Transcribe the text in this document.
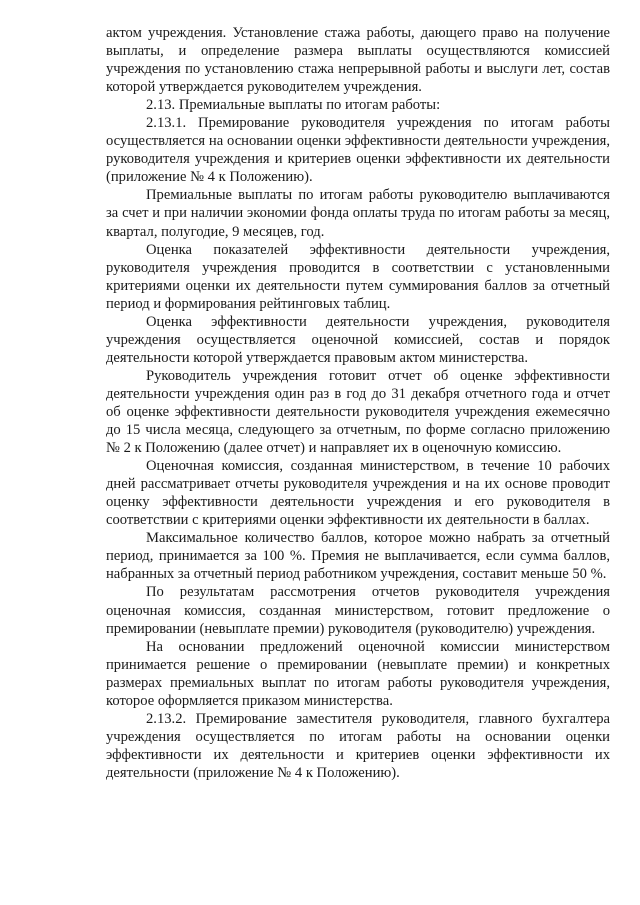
актом учреждения. Установление стажа работы, дающего право на получение выплаты, и определение размера выплаты осуществляются комиссией учреждения по установлению стажа непрерывной работы и выслуги лет, состав которой утверждается руководителем учреждения.

2.13. Премиальные выплаты по итогам работы:

2.13.1. Премирование руководителя учреждения по итогам работы осуществляется на основании оценки эффективности деятельности учреждения, руководителя учреждения и критериев оценки эффективности их деятельности (приложение № 4 к Положению).

Премиальные выплаты по итогам работы руководителю выплачиваются за счет и при наличии экономии фонда оплаты труда по итогам работы за месяц, квартал, полугодие, 9 месяцев, год.

Оценка показателей эффективности деятельности учреждения, руководителя учреждения проводится в соответствии с установленными критериями оценки их деятельности путем суммирования баллов за отчетный период и формирования рейтинговых таблиц.

Оценка эффективности деятельности учреждения, руководителя учреждения осуществляется оценочной комиссией, состав и порядок деятельности которой утверждается правовым актом министерства.

Руководитель учреждения готовит отчет об оценке эффективности деятельности учреждения один раз в год до 31 декабря отчетного года и отчет об оценке эффективности деятельности руководителя учреждения ежемесячно до 15 числа месяца, следующего за отчетным, по форме согласно приложению № 2 к Положению (далее отчет) и направляет их в оценочную комиссию.

Оценочная комиссия, созданная министерством, в течение 10 рабочих дней рассматривает отчеты руководителя учреждения и на их основе проводит оценку эффективности деятельности учреждения и его руководителя в соответствии с критериями оценки эффективности их деятельности в баллах.

Максимальное количество баллов, которое можно набрать за отчетный период, принимается за 100 %. Премия не выплачивается, если сумма баллов, набранных за отчетный период работником учреждения, составит меньше 50 %.

По результатам рассмотрения отчетов руководителя учреждения оценочная комиссия, созданная министерством, готовит предложение о премировании (невыплате премии) руководителя (руководителю) учреждения.

На основании предложений оценочной комиссии министерством принимается решение о премировании (невыплате премии) и конкретных размерах премиальных выплат по итогам работы руководителя учреждения, которое оформляется приказом министерства.

2.13.2. Премирование заместителя руководителя, главного бухгалтера учреждения осуществляется по итогам работы на основании оценки эффективности их деятельности и критериев оценки эффективности их деятельности (приложение № 4 к Положению).
